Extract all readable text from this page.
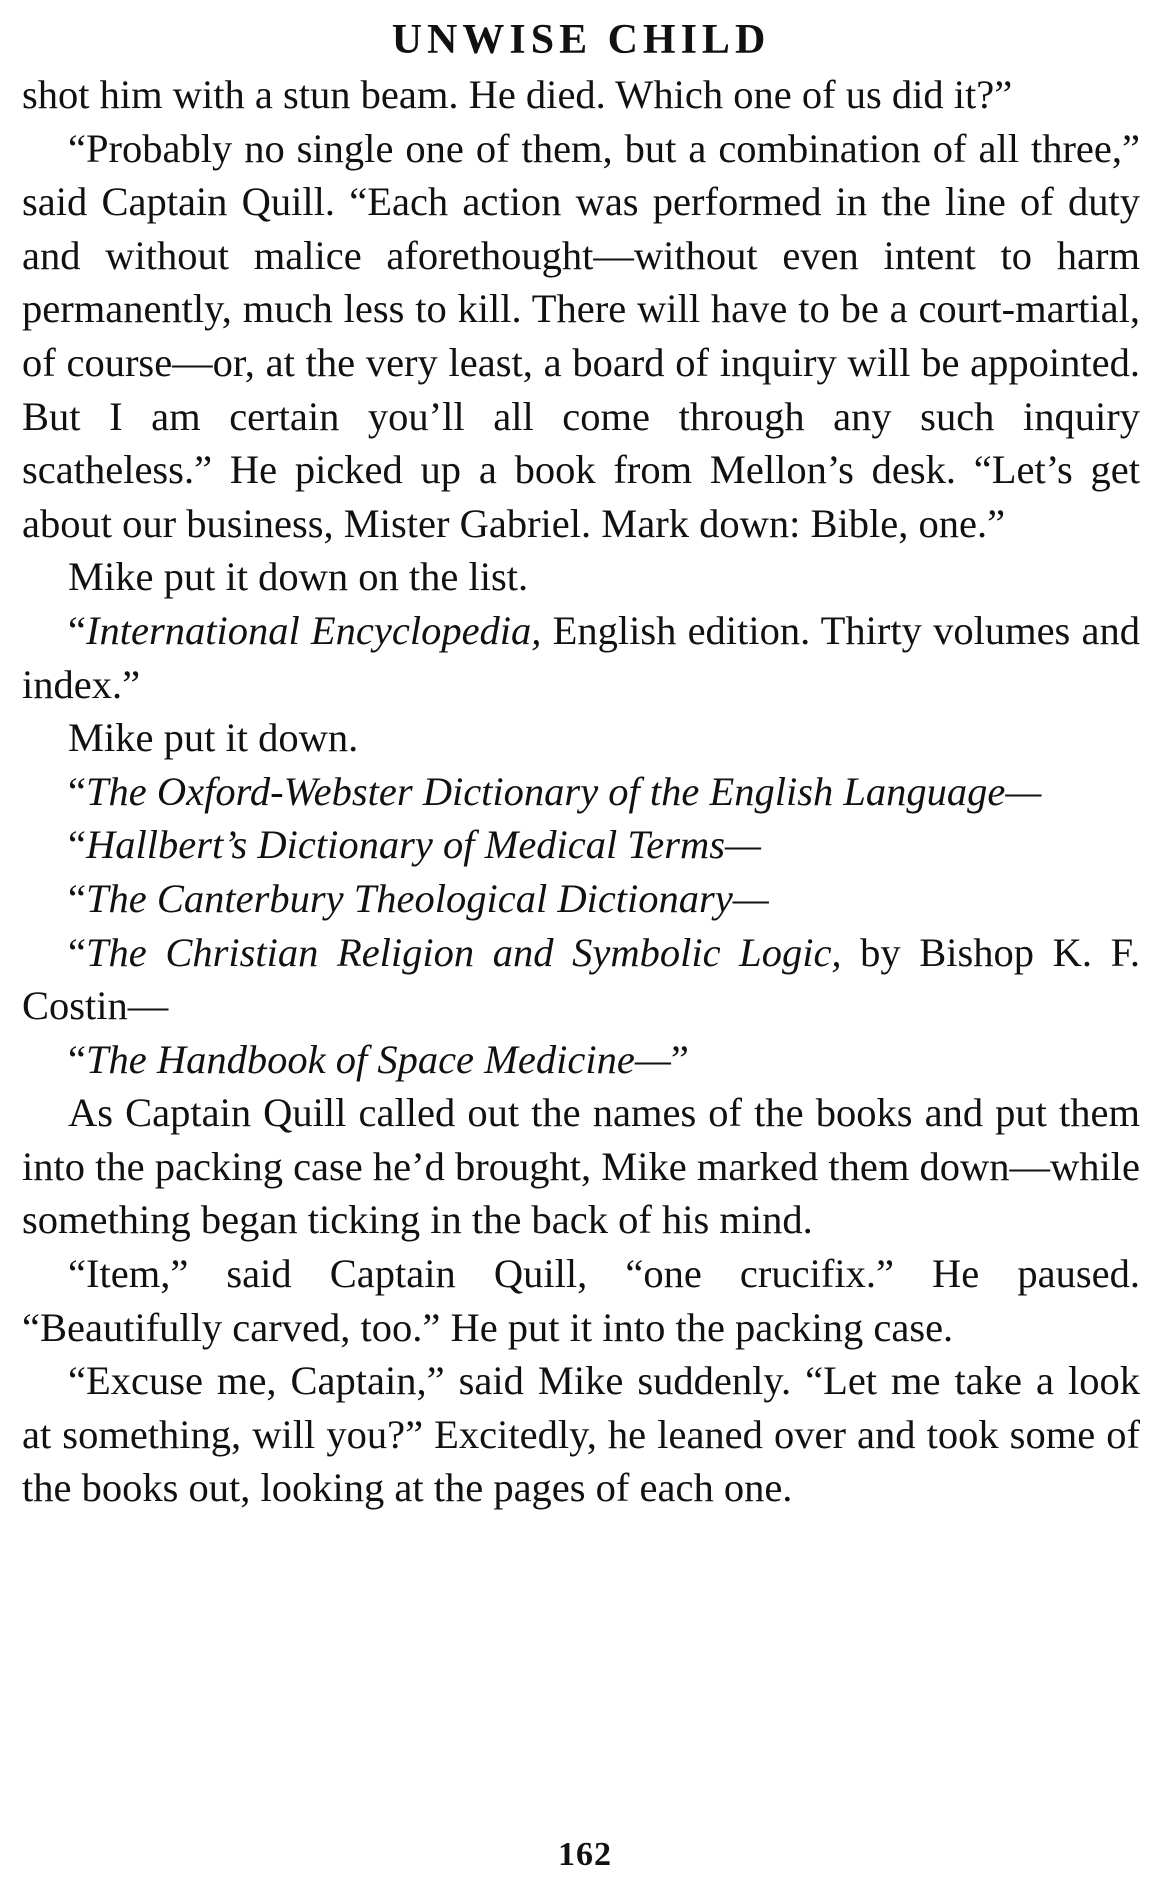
UNWISE CHILD

shot him with a stun beam. He died. Which one of us did it?”

“Probably no single one of them, but a combination of all three,” said Captain Quill. “Each action was performed in the line of duty and without malice aforethought—without even intent to harm permanently, much less to kill. There will have to be a court-martial, of course—or, at the very least, a board of inquiry will be appointed. But I am certain you’ll all come through any such inquiry scatheless.” He picked up a book from Mellon’s desk. “Let’s get about our business, Mister Gabriel. Mark down: Bible, one.”

Mike put it down on the list.

“International Encyclopedia, English edition. Thirty volumes and index.”

Mike put it down.

“The Oxford-Webster Dictionary of the English Language—

“Hallbert’s Dictionary of Medical Terms—

“The Canterbury Theological Dictionary—

“The Christian Religion and Symbolic Logic, by Bishop K. F. Costin—

“The Handbook of Space Medicine—”

As Captain Quill called out the names of the books and put them into the packing case he’d brought, Mike marked them down—while something began ticking in the back of his mind.

“Item,” said Captain Quill, “one crucifix.” He paused. “Beautifully carved, too.” He put it into the packing case.

“Excuse me, Captain,” said Mike suddenly. “Let me take a look at something, will you?” Excitedly, he leaned over and took some of the books out, looking at the pages of each one.

162
